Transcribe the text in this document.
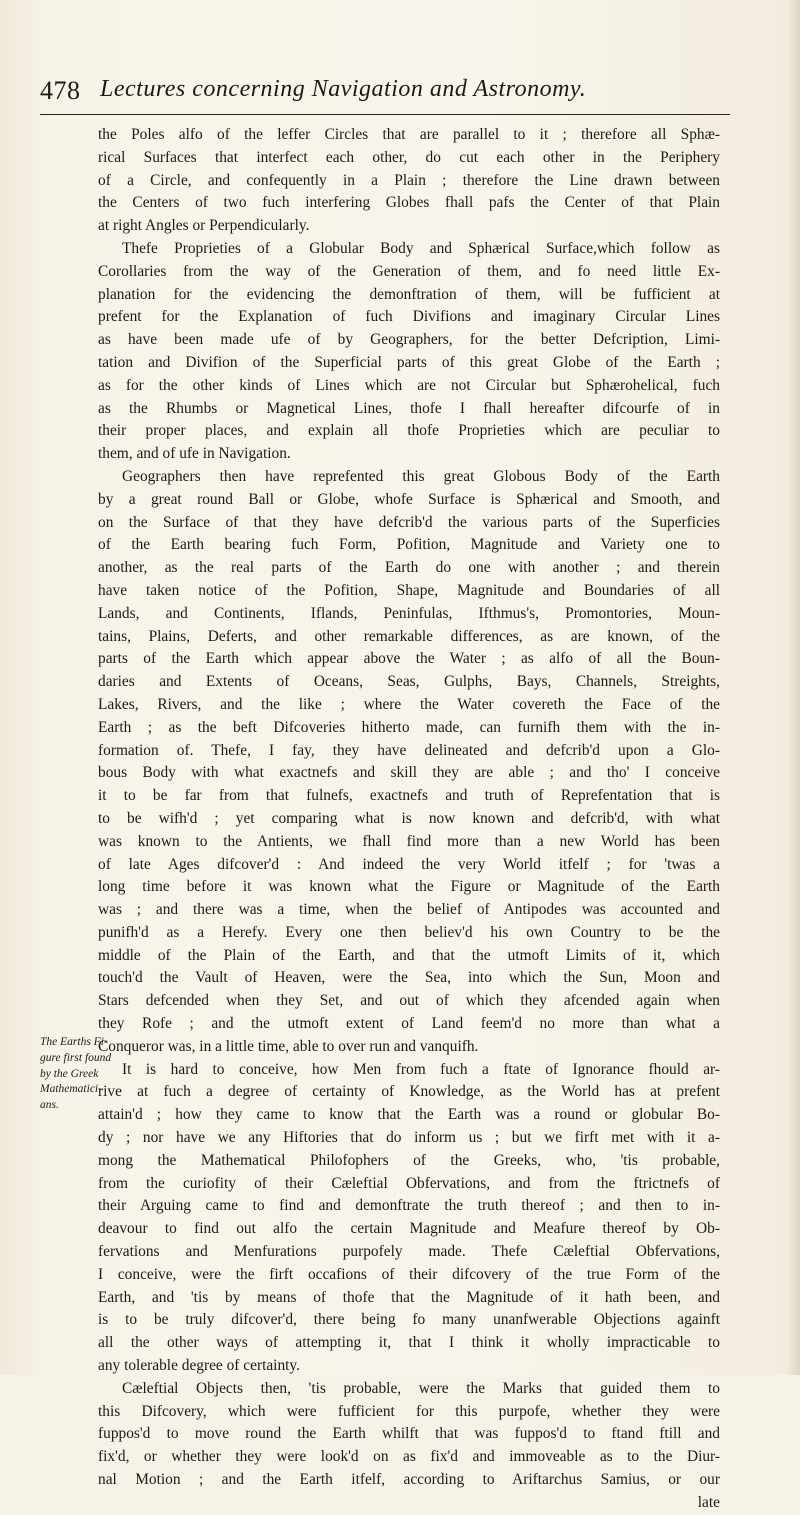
478 Lectures concerning Navigation and Astronomy.
the Poles alfo of the leffer Circles that are parallel to it ; therefore all Sphæ-
rical Surfaces that interfect each other, do cut each other in the Periphery
of a Circle, and confequently in a Plain ; therefore the Line drawn between
the Centers of two fuch interfering Globes fhall pafs the Center of that Plain
at right Angles or Perpendicularly.
Thefe Proprieties of a Globular Body and Sphærical Surface,which follow as
Corollaries from the way of the Generation of them, and fo need little Ex-
planation for the evidencing the demonftration of them, will be fufficient at
prefent for the Explanation of fuch Divifions and imaginary Circular Lines
as have been made ufe of by Geographers, for the better Defcription, Limi-
tation and Divifion of the Superficial parts of this great Globe of the Earth ;
as for the other kinds of Lines which are not Circular but Sphærohelical, fuch
as the Rhumbs or Magnetical Lines, thofe I fhall hereafter difcourfe of in
their proper places, and explain all thofe Proprieties which are peculiar to
them, and of ufe in Navigation.
Geographers then have reprefented this great Globous Body of the Earth
by a great round Ball or Globe, whofe Surface is Sphærical and Smooth, and
on the Surface of that they have defcrib'd the various parts of the Superficies
of the Earth bearing fuch Form, Pofition, Magnitude and Variety one to
another, as the real parts of the Earth do one with another ; and therein
have taken notice of the Pofition, Shape, Magnitude and Boundaries of all
Lands, and Continents, Iflands, Peninfulas, Ifthmus's, Promontories, Moun-
tains, Plains, Deferts, and other remarkable differences, as are known, of the
parts of the Earth which appear above the Water ; as alfo of all the Boun-
daries and Extents of Oceans, Seas, Gulphs, Bays, Channels, Streights,
Lakes, Rivers, and the like ; where the Water covereth the Face of the
Earth ; as the beft Difcoveries hitherto made, can furnifh them with the in-
formation of. Thefe, I fay, they have delineated and defcrib'd upon a Glo-
bous Body with what exactnefs and skill they are able ; and tho' I conceive
it to be far from that fulnefs, exactnefs and truth of Reprefentation that is
to be wifh'd ; yet comparing what is now known and defcrib'd, with what
was known to the Antients, we fhall find more than a new World has been
of late Ages difcover'd : And indeed the very World itfelf ; for 'twas a
long time before it was known what the Figure or Magnitude of the Earth
was ; and there was a time, when the belief of Antipodes was accounted and
punifh'd as a Herefy. Every one then believ'd his own Country to be the
middle of the Plain of the Earth, and that the utmoft Limits of it, which
touch'd the Vault of Heaven, were the Sea, into which the Sun, Moon and
Stars defcended when they Set, and out of which they afcended again when
they Rofe ; and the utmoft extent of Land feem'd no more than what a
Conqueror was, in a little time, able to over run and vanquifh.
It is hard to conceive, how Men from fuch a ftate of Ignorance fhould ar-
rive at fuch a degree of certainty of Knowledge, as the World has at prefent
attain'd ; how they came to know that the Earth was a round or globular Bo-
dy ; nor have we any Hiftories that do inform us ; but we firft met with it a-
mong the Mathematical Philofophers of the Greeks, who, 'tis probable,
from the curiofity of their Cæleftial Obfervations, and from the ftrictnefs of
their Arguing came to find and demonftrate the truth thereof ; and then to in-
deavour to find out alfo the certain Magnitude and Meafure thereof by Ob-
fervations and Menfurations purpofely made. Thefe Cæleftial Obfervations,
I conceive, were the firft occafions of their difcovery of the true Form of the
Earth, and 'tis by means of thofe that the Magnitude of it hath been, and
is to be truly difcover'd, there being fo many unanfwerable Objections againft
all the other ways of attempting it, that I think it wholly impracticable to
any tolerable degree of certainty.
Cæleftial Objects then, 'tis probable, were the Marks that guided them to
this Difcovery, which were fufficient for this purpofe, whether they were
fuppos'd to move round the Earth whilft that was fuppos'd to ftand ftill and
fix'd, or whether they were look'd on as fix'd and immoveable as to the Diur-
nal Motion ; and the Earth itfelf, according to Ariftarchus Samius, or our
late
The Earths Fi-
gure first found
by the Greek
Mathematici-
ans.
